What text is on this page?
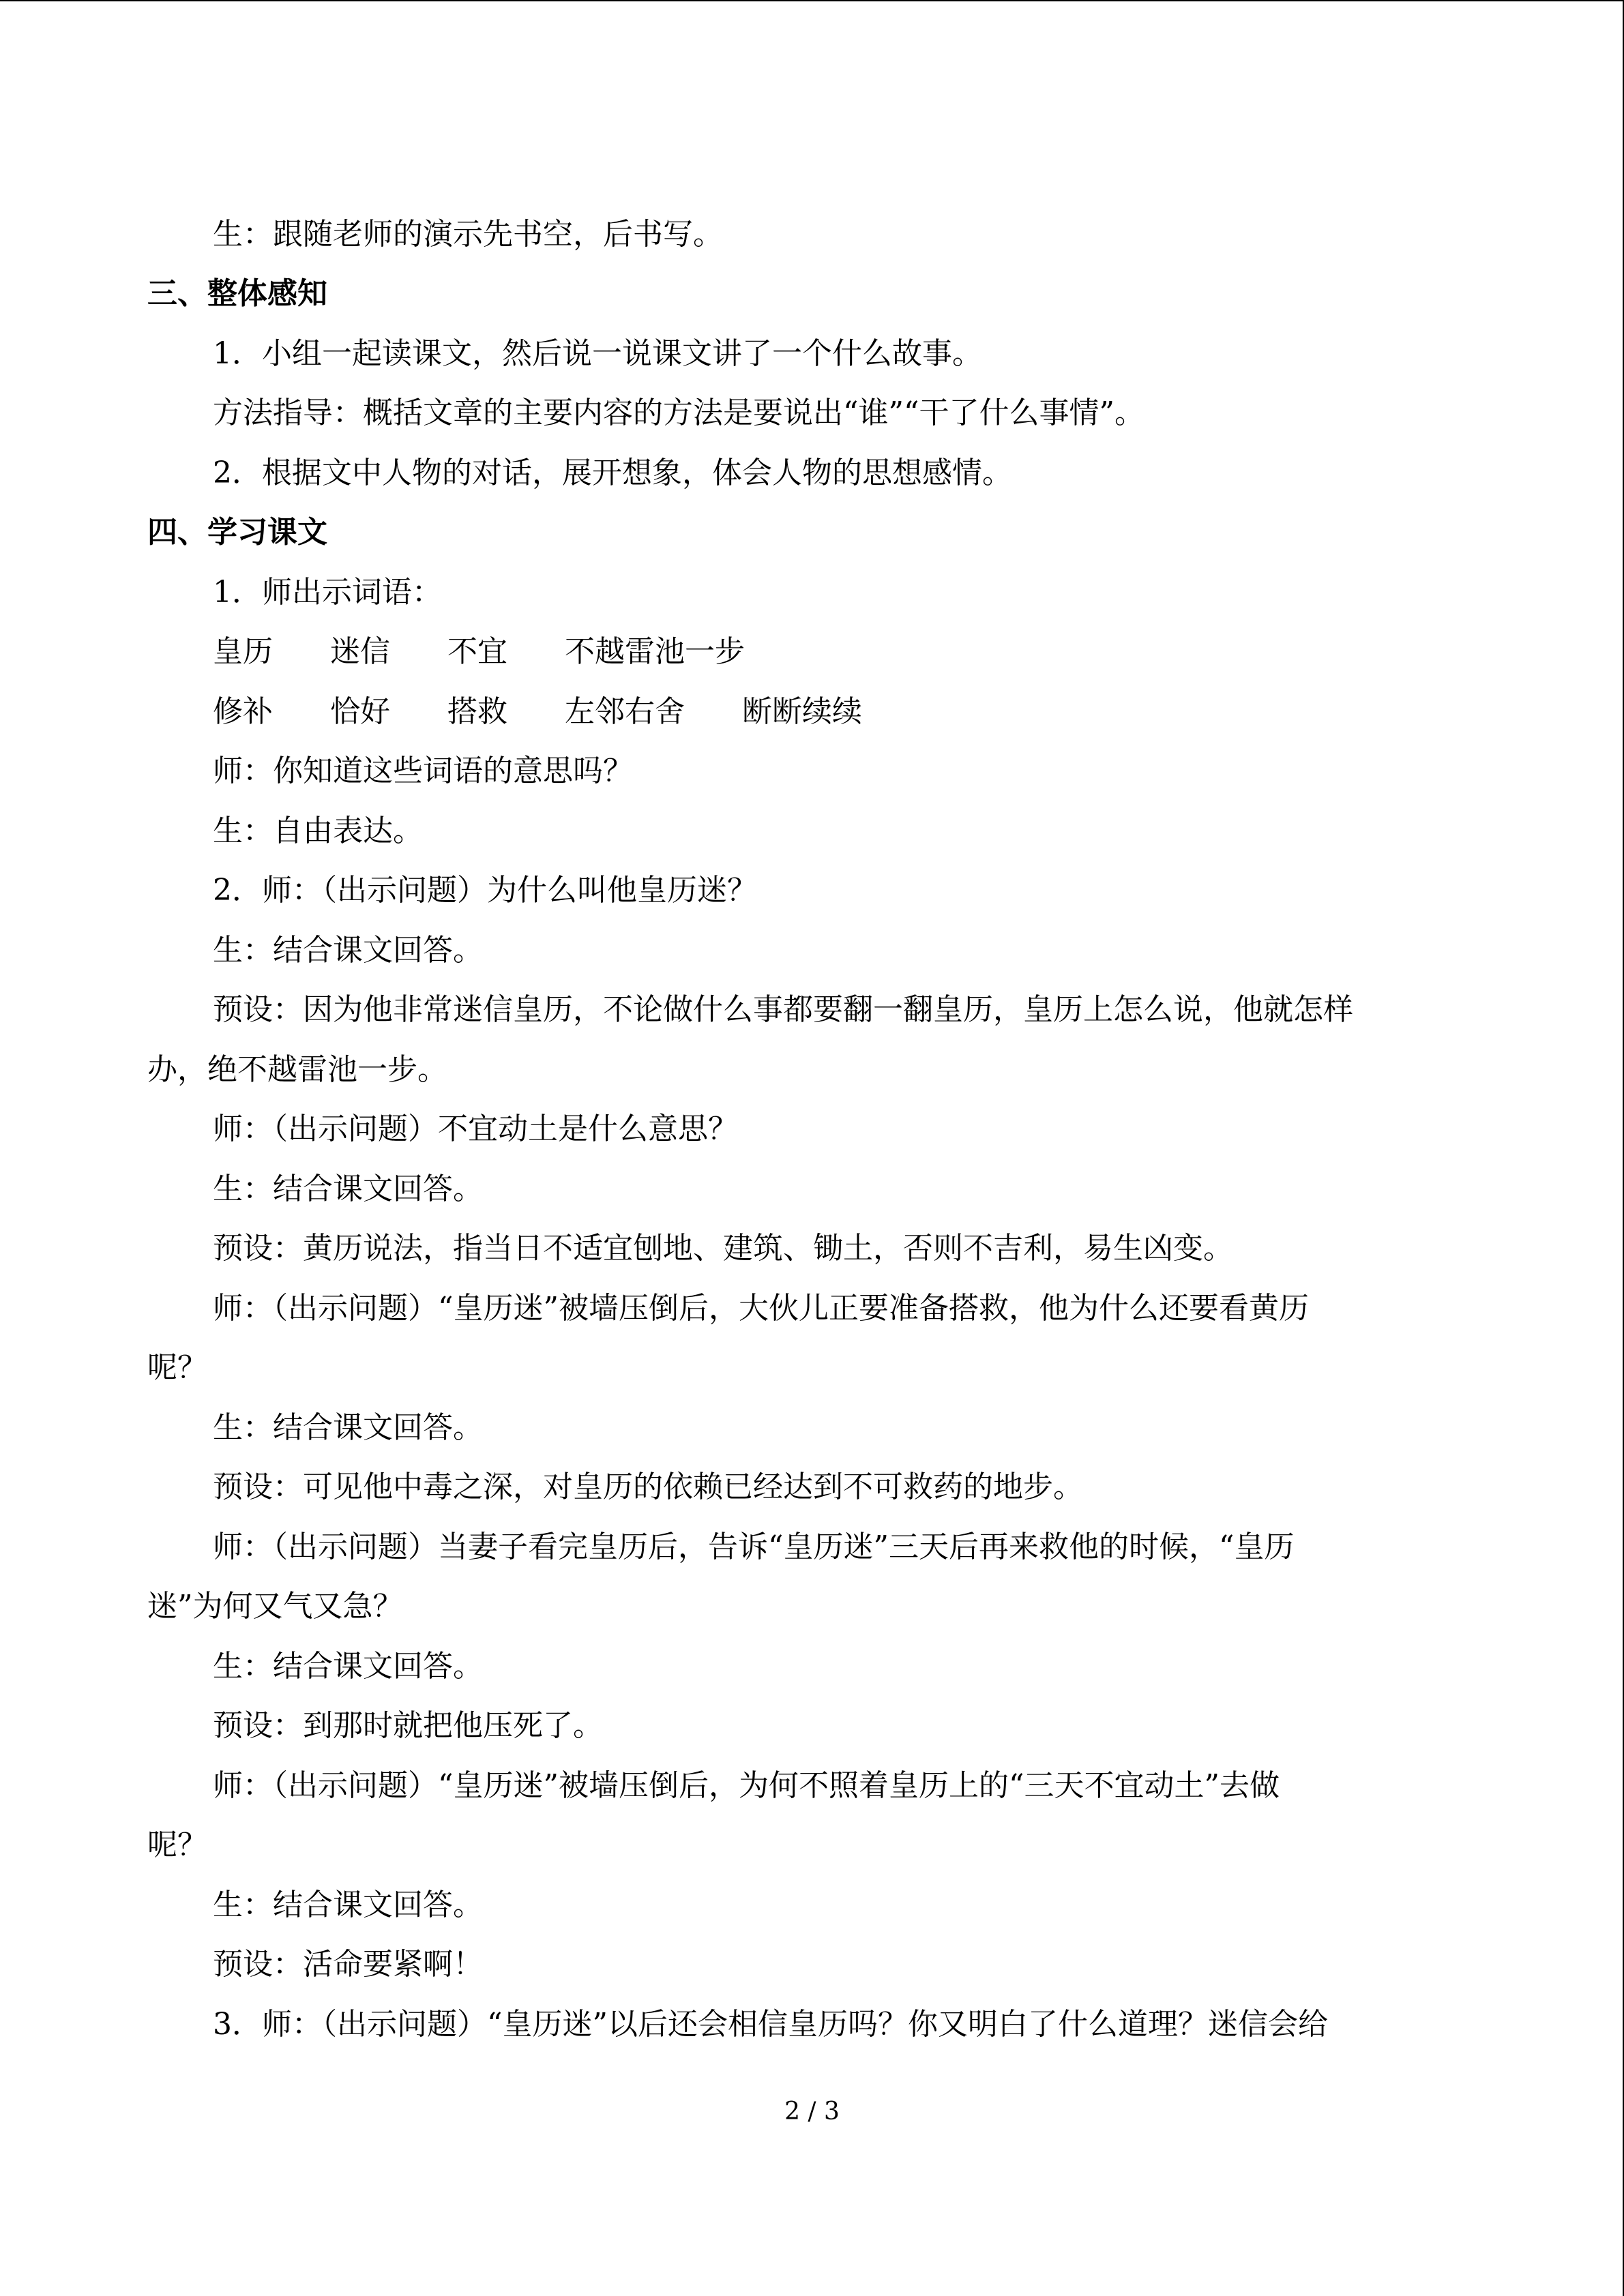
生：跟随老师的演示先书空，后书写。
三、整体感知
1．小组一起读课文，然后说一说课文讲了一个什么故事。
方法指导：概括文章的主要内容的方法是要说出“谁”“干了什么事情”。
2．根据文中人物的对话，展开想象，体会人物的思想感情。
四、学习课文
1．师出示词语：
皇历 迷信 不宜 不越雷池一步
修补 恰好 搭救 左邻右舍 断断续续
师：你知道这些词语的意思吗？
生：自由表达。
2．师：（出示问题）为什么叫他皇历迷？
生：结合课文回答。
预设：因为他非常迷信皇历，不论做什么事都要翻一翻皇历，皇历上怎么说，他就怎样
办，绝不越雷池一步。
师：（出示问题）不宜动土是什么意思？
生：结合课文回答。
预设：黄历说法，指当日不适宜刨地、建筑、锄土，否则不吉利，易生凶变。
师：（出示问题）“皇历迷”被墙压倒后，大伙儿正要准备搭救，他为什么还要看黄历
呢？
生：结合课文回答。
预设：可见他中毒之深，对皇历的依赖已经达到不可救药的地步。
师：（出示问题）当妻子看完皇历后，告诉“皇历迷”三天后再来救他的时候，“皇历
迷”为何又气又急？
生：结合课文回答。
预设：到那时就把他压死了。
师：（出示问题）“皇历迷”被墙压倒后，为何不照着皇历上的“三天不宜动土”去做
呢？
生：结合课文回答。
预设：活命要紧啊！
3．师：（出示问题）“皇历迷”以后还会相信皇历吗？你又明白了什么道理？迷信会给
2 / 3
